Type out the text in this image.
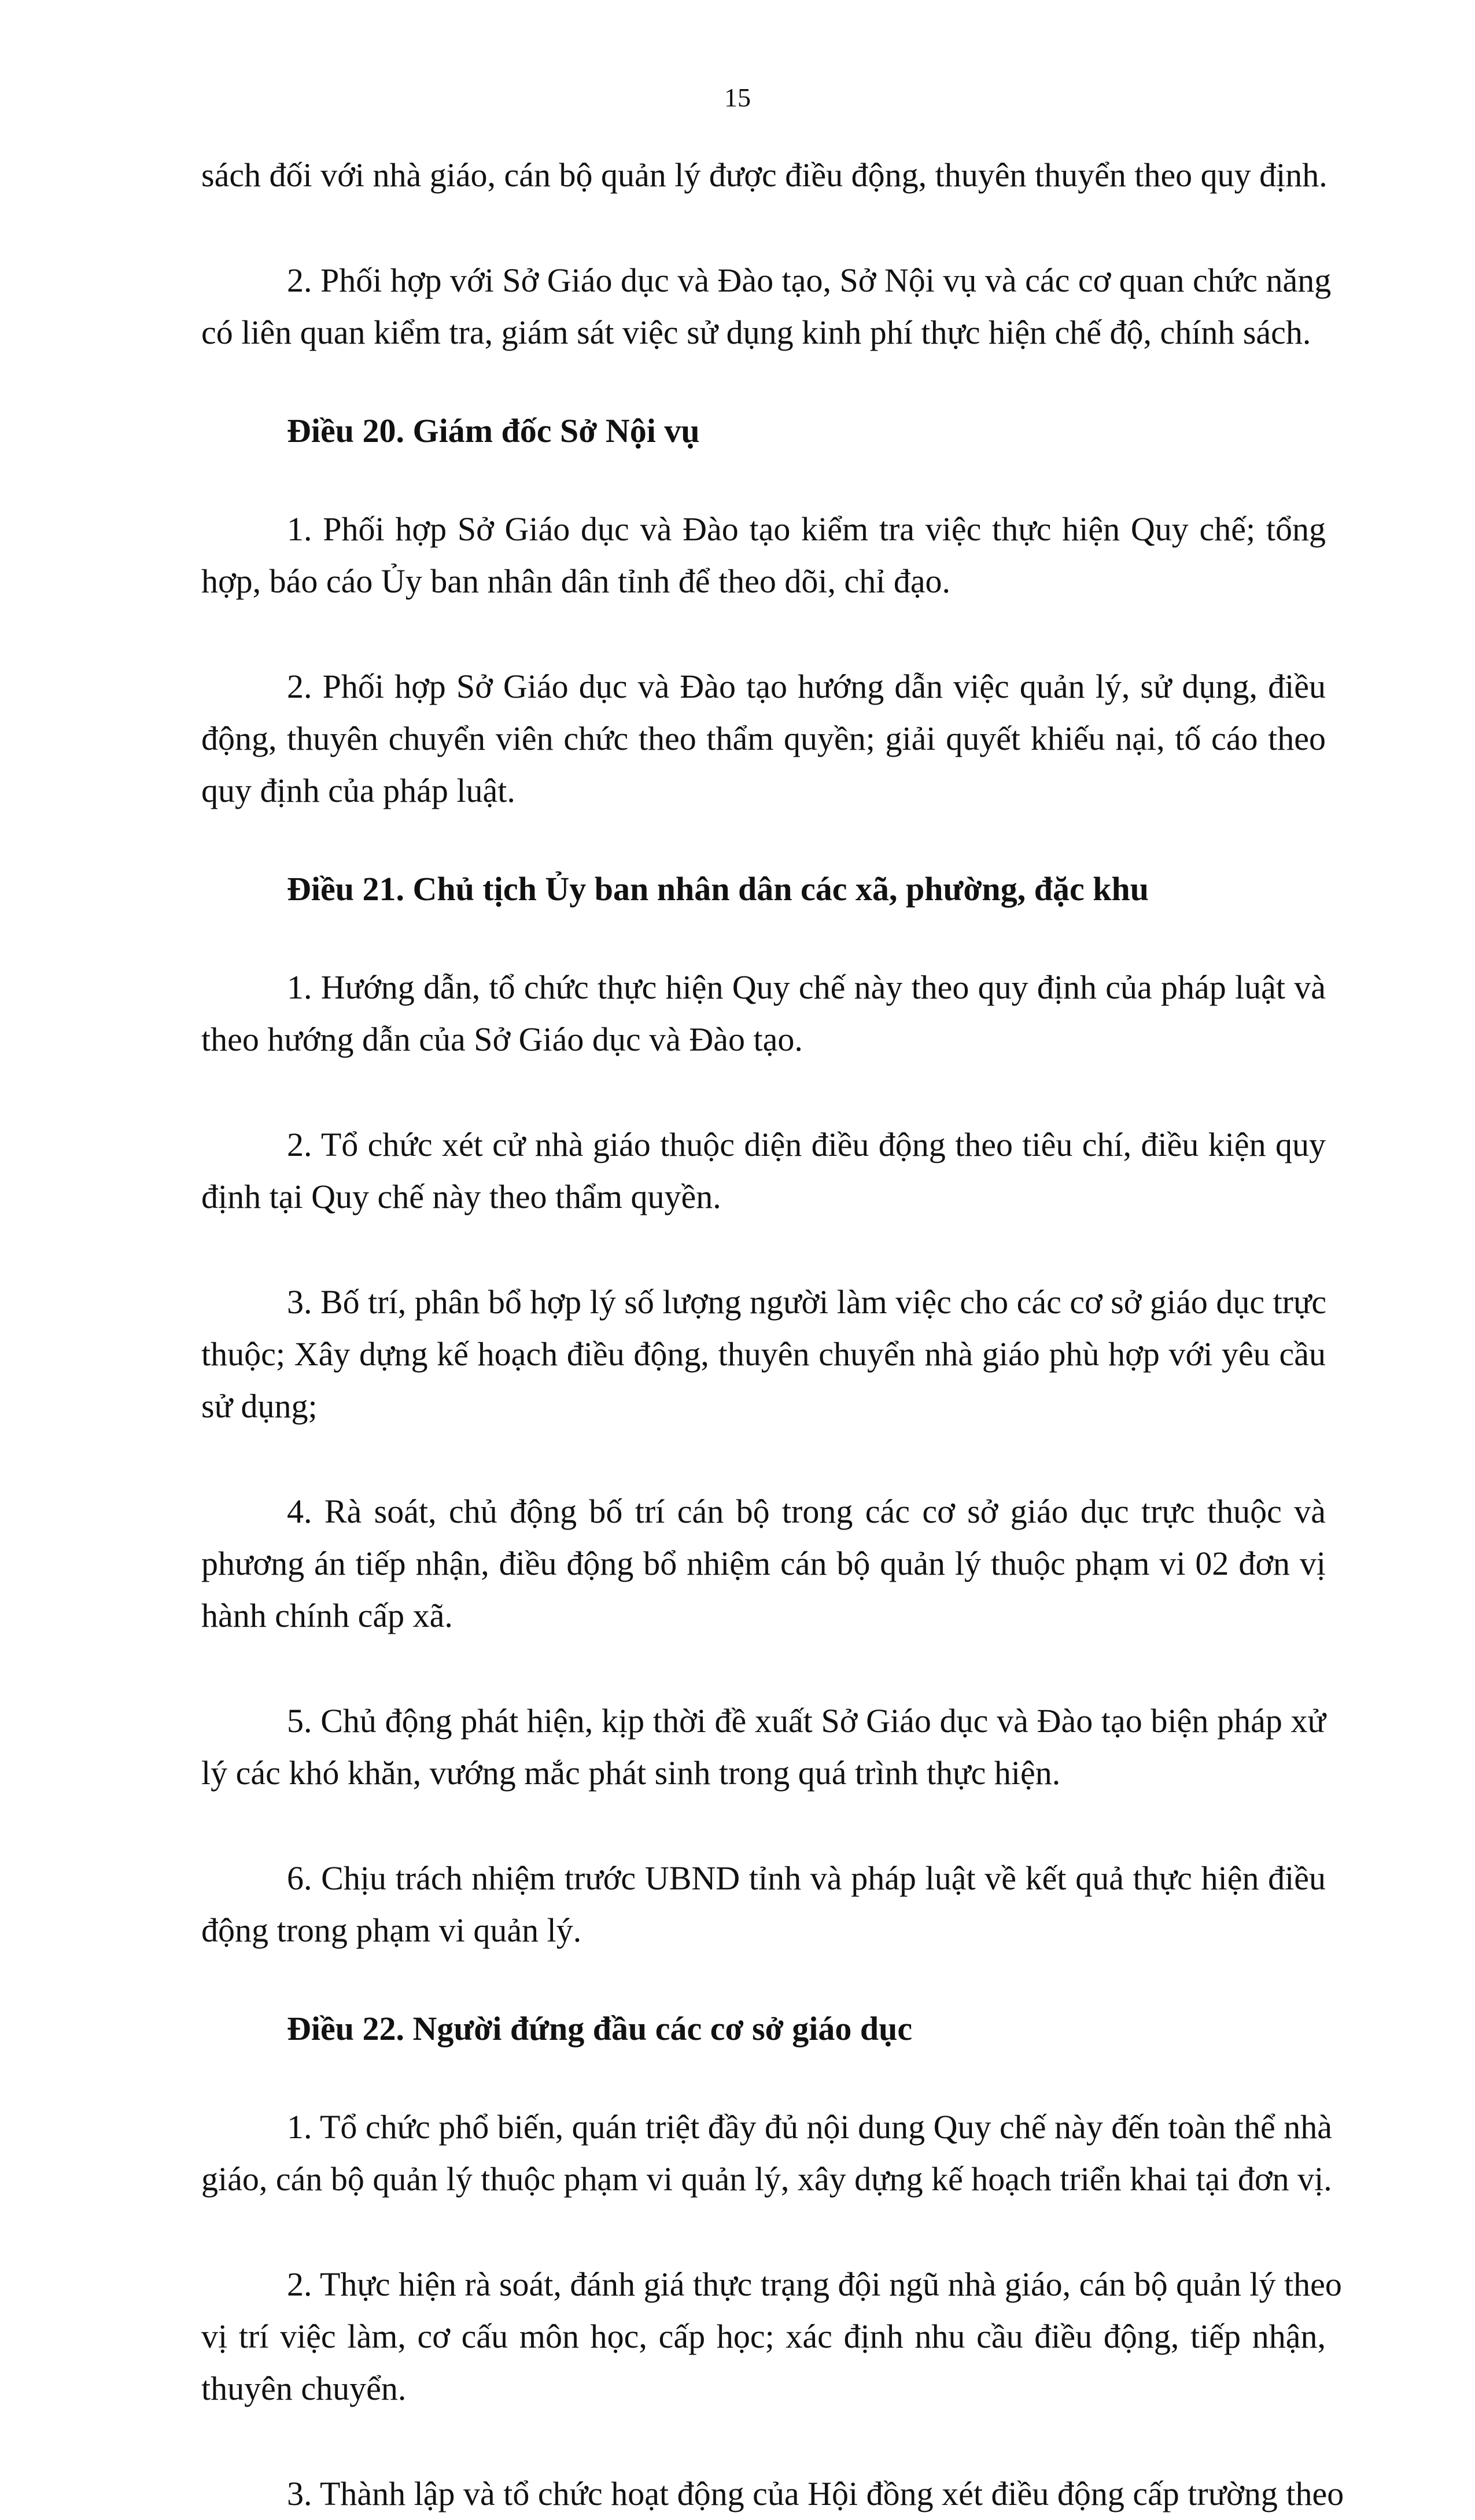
15
sách đối với nhà giáo, cán bộ quản lý được điều động, thuyên thuyển theo quy định.
2. Phối hợp với Sở Giáo dục và Đào tạo, Sở Nội vụ và các cơ quan chức năng
có liên quan kiểm tra, giám sát việc sử dụng kinh phí thực hiện chế độ, chính sách.
Điều 20. Giám đốc Sở Nội vụ
1. Phối hợp Sở Giáo dục và Đào tạo kiểm tra việc thực hiện Quy chế; tổng
hợp, báo cáo Ủy ban nhân dân tỉnh để theo dõi, chỉ đạo.
2. Phối hợp Sở Giáo dục và Đào tạo hướng dẫn việc quản lý, sử dụng, điều
động, thuyên chuyển viên chức theo thẩm quyền; giải quyết khiếu nại, tố cáo theo
quy định của pháp luật.
Điều 21. Chủ tịch Ủy ban nhân dân các xã, phường, đặc khu
1. Hướng dẫn, tổ chức thực hiện Quy chế này theo quy định của pháp luật và
theo hướng dẫn của Sở Giáo dục và Đào tạo.
2. Tổ chức xét cử nhà giáo thuộc diện điều động theo tiêu chí, điều kiện quy
định tại Quy chế này theo thẩm quyền.
3. Bố trí, phân bổ hợp lý số lượng người làm việc cho các cơ sở giáo dục trực
thuộc; Xây dựng kế hoạch điều động, thuyên chuyển nhà giáo phù hợp với yêu cầu
sử dụng;
4. Rà soát, chủ động bố trí cán bộ trong các cơ sở giáo dục trực thuộc và
phương án tiếp nhận, điều động bổ nhiệm cán bộ quản lý thuộc phạm vi 02 đơn vị
hành chính cấp xã.
5. Chủ động phát hiện, kịp thời đề xuất Sở Giáo dục và Đào tạo biện pháp xử
lý các khó khăn, vướng mắc phát sinh trong quá trình thực hiện.
6. Chịu trách nhiệm trước UBND tỉnh và pháp luật về kết quả thực hiện điều
động trong phạm vi quản lý.
Điều 22. Người đứng đầu các cơ sở giáo dục
1. Tổ chức phổ biến, quán triệt đầy đủ nội dung Quy chế này đến toàn thể nhà
giáo, cán bộ quản lý thuộc phạm vi quản lý, xây dựng kế hoạch triển khai tại đơn vị.
2. Thực hiện rà soát, đánh giá thực trạng đội ngũ nhà giáo, cán bộ quản lý theo
vị trí việc làm, cơ cấu môn học, cấp học; xác định nhu cầu điều động, tiếp nhận,
thuyên chuyển.
3. Thành lập và tổ chức hoạt động của Hội đồng xét điều động cấp trường theo
